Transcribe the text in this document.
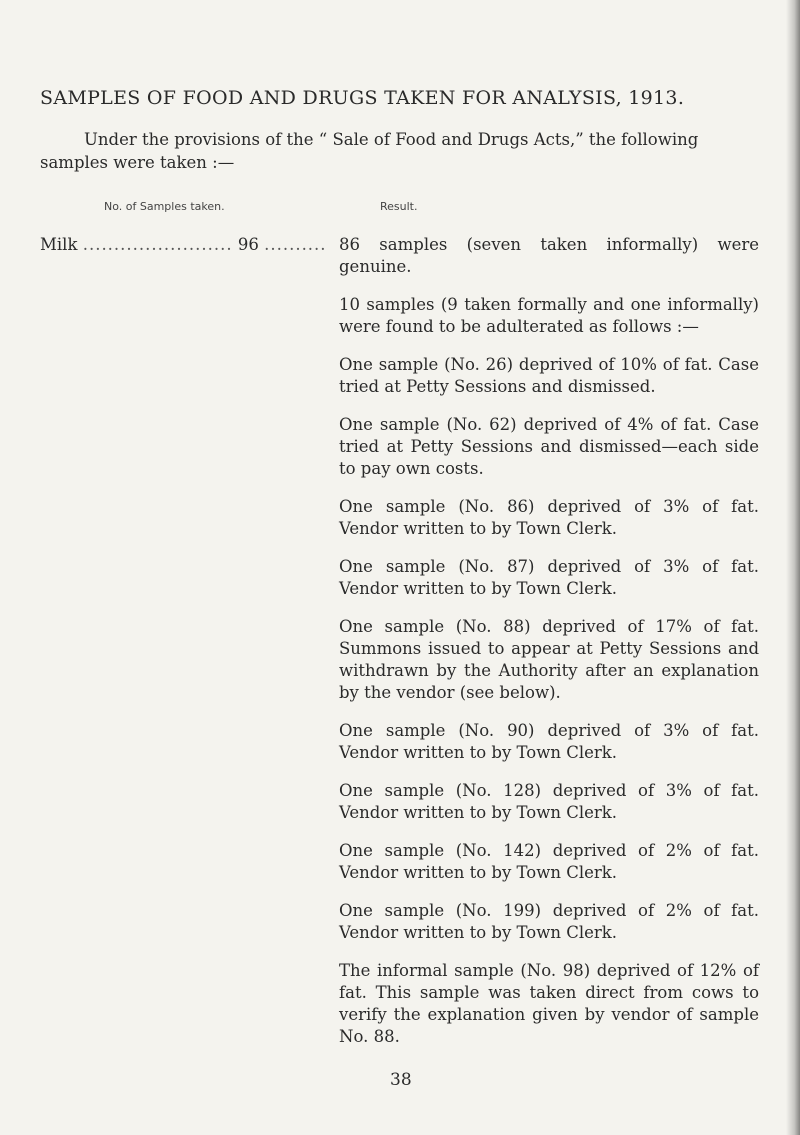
SAMPLES OF FOOD AND DRUGS TAKEN FOR ANALYSIS, 1913.
Under the provisions of the “ Sale of Food and Drugs Acts,” the following samples were taken :—
No. of Samples taken.	Result.
Milk ........................ 96 .......... 86 samples (seven taken informally) were genuine.

10 samples (9 taken formally and one informally) were found to be adulterated as follows :—

One sample (No. 26) deprived of 10% of fat. Case tried at Petty Sessions and dismissed.

One sample (No. 62) deprived of 4% of fat. Case tried at Petty Sessions and dismissed—each side to pay own costs.

One sample (No. 86) deprived of 3% of fat. Vendor written to by Town Clerk.

One sample (No. 87) deprived of 3% of fat. Vendor written to by Town Clerk.

One sample (No. 88) deprived of 17% of fat. Summons issued to appear at Petty Sessions and withdrawn by the Authority after an explanation by the vendor (see below).

One sample (No. 90) deprived of 3% of fat. Vendor written to by Town Clerk.

One sample (No. 128) deprived of 3% of fat. Vendor written to by Town Clerk.

One sample (No. 142) deprived of 2% of fat. Vendor written to by Town Clerk.

One sample (No. 199) deprived of 2% of fat. Vendor written to by Town Clerk.

The informal sample (No. 98) deprived of 12% of fat. This sample was taken direct from cows to verify the explanation given by vendor of sample No. 88.

38
